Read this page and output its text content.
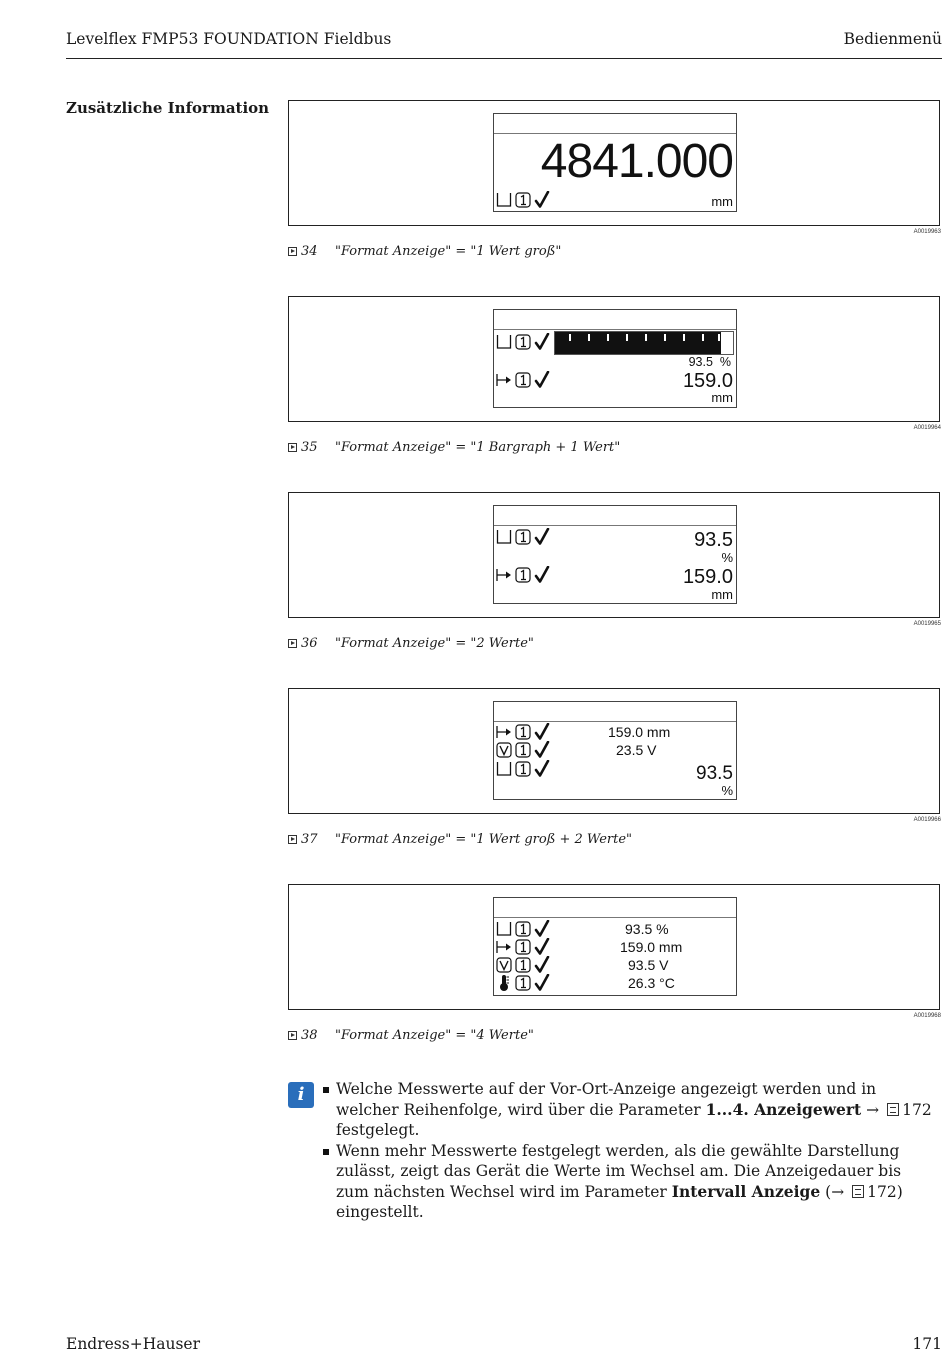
Levelflex FMP53 FOUNDATION Fieldbus	Bedienmenü
Zusätzliche Information
4841.000
mm
A0019963
34 "Format Anzeige" = "1 Wert groß"
93.5 %
159.0
mm
A0019964
35 "Format Anzeige" = "1 Bargraph + 1 Wert"
93.5
%
159.0
mm
A0019965
36 "Format Anzeige" = "2 Werte"
159.0 mm
23.5 V
93.5
%
A0019966
37 "Format Anzeige" = "1 Wert groß + 2 Werte"
93.5 %
159.0 mm
93.5 V
26.3 °C
A0019968
38 "Format Anzeige" = "4 Werte"
i	Welche Messwerte auf der Vor-Ort-Anzeige angezeigt werden und in welcher Reihenfolge, wird über die Parameter 1...4. Anzeigewert → 172 festgelegt.
Wenn mehr Messwerte festgelegt werden, als die gewählte Darstellung zulässt, zeigt das Gerät die Werte im Wechsel am. Die Anzeigedauer bis zum nächsten Wechsel wird im Parameter Intervall Anzeige (→ 172) eingestellt.
Endress+Hauser	171
